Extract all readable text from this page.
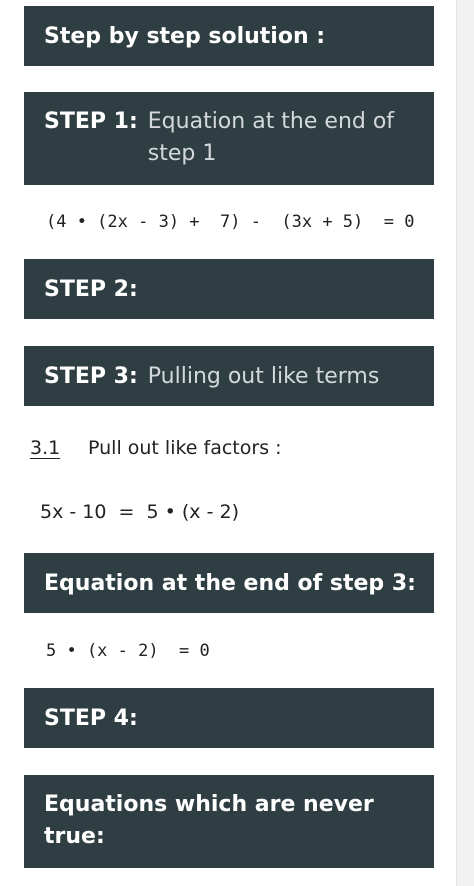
Step by step solution :
STEP 1: Equation at the end of step 1
(4 • (2x - 3) +  7) -  (3x + 5)  = 0
STEP 2:
STEP 3: Pulling out like terms
3.1 Pull out like factors :
5x - 10  =  5 • (x - 2)
Equation at the end of step 3:
5 • (x - 2)  = 0
STEP 4:
Equations which are never true:
